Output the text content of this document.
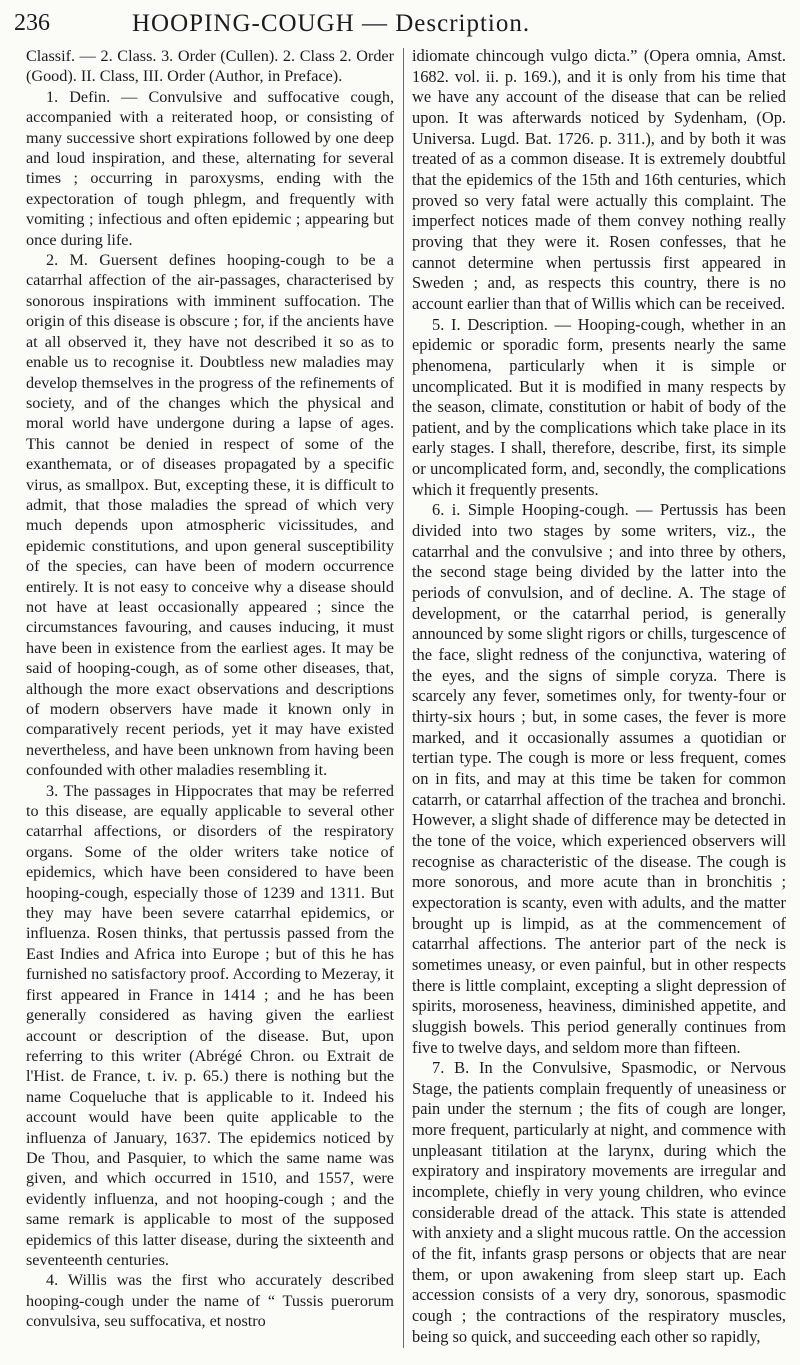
236	HOOPING-COUGH — Description.

Classif. — 2. Class. 3. Order (Cullen). 2. Class 2. Order (Good). II. Class, III. Order (Author, in Preface).

1. Defin. — Convulsive and suffocative cough, accompanied with a reiterated hoop, or consisting of many successive short expirations followed by one deep and loud inspiration, and these, alternating for several times ; occurring in paroxysms, ending with the expectoration of tough phlegm, and frequently with vomiting ; infectious and often epidemic ; appearing but once during life.

2. M. Guersent defines hooping-cough to be a catarrhal affection of the air-passages, characterised by sonorous inspirations with imminent suffocation. The origin of this disease is obscure ; for, if the ancients have at all observed it, they have not described it so as to enable us to recognise it. Doubtless new maladies may develop themselves in the progress of the refinements of society, and of the changes which the physical and moral world have undergone during a lapse of ages. This cannot be denied in respect of some of the exanthemata, or of diseases propagated by a specific virus, as smallpox. But, excepting these, it is difficult to admit, that those maladies the spread of which very much depends upon atmospheric vicissitudes, and epidemic constitutions, and upon general susceptibility of the species, can have been of modern occurrence entirely. It is not easy to conceive why a disease should not have at least occasionally appeared ; since the circumstances favouring, and causes inducing, it must have been in existence from the earliest ages. It may be said of hooping-cough, as of some other diseases, that, although the more exact observations and descriptions of modern observers have made it known only in comparatively recent periods, yet it may have existed nevertheless, and have been unknown from having been confounded with other maladies resembling it.

3. The passages in Hippocrates that may be referred to this disease, are equally applicable to several other catarrhal affections, or disorders of the respiratory organs. Some of the older writers take notice of epidemics, which have been considered to have been hooping-cough, especially those of 1239 and 1311. But they may have been severe catarrhal epidemics, or influenza. Rosen thinks, that pertussis passed from the East Indies and Africa into Europe ; but of this he has furnished no satisfactory proof. According to Mezeray, it first appeared in France in 1414 ; and he has been generally considered as having given the earliest account or description of the disease. But, upon referring to this writer (Abrégé Chron. ou Extrait de l'Hist. de France, t. iv. p. 65.) there is nothing but the name Coqueluche that is applicable to it. Indeed his account would have been quite applicable to the influenza of January, 1637. The epidemics noticed by De Thou, and Pasquier, to which the same name was given, and which occurred in 1510, and 1557, were evidently influenza, and not hooping-cough ; and the same remark is applicable to most of the supposed epidemics of this latter disease, during the sixteenth and seventeenth centuries.

4. Willis was the first who accurately described hooping-cough under the name of “ Tussis puerorum convulsiva, seu suffocativa, et nostro

idiomate chincough vulgo dicta.” (Opera omnia, Amst. 1682. vol. ii. p. 169.), and it is only from his time that we have any account of the disease that can be relied upon. It was afterwards noticed by Sydenham, (Op. Universa. Lugd. Bat. 1726. p. 311.), and by both it was treated of as a common disease. It is extremely doubtful that the epidemics of the 15th and 16th centuries, which proved so very fatal were actually this complaint. The imperfect notices made of them convey nothing really proving that they were it. Rosen confesses, that he cannot determine when pertussis first appeared in Sweden ; and, as respects this country, there is no account earlier than that of Willis which can be received.

5. I. Description. — Hooping-cough, whether in an epidemic or sporadic form, presents nearly the same phenomena, particularly when it is simple or uncomplicated. But it is modified in many respects by the season, climate, constitution or habit of body of the patient, and by the complications which take place in its early stages. I shall, therefore, describe, first, its simple or uncomplicated form, and, secondly, the complications which it frequently presents.

6. i. Simple Hooping-cough. — Pertussis has been divided into two stages by some writers, viz., the catarrhal and the convulsive ; and into three by others, the second stage being divided by the latter into the periods of convulsion, and of decline. A. The stage of development, or the catarrhal period, is generally announced by some slight rigors or chills, turgescence of the face, slight redness of the conjunctiva, watering of the eyes, and the signs of simple coryza. There is scarcely any fever, sometimes only, for twenty-four or thirty-six hours ; but, in some cases, the fever is more marked, and it occasionally assumes a quotidian or tertian type. The cough is more or less frequent, comes on in fits, and may at this time be taken for common catarrh, or catarrhal affection of the trachea and bronchi. However, a slight shade of difference may be detected in the tone of the voice, which experienced observers will recognise as characteristic of the disease. The cough is more sonorous, and more acute than in bronchitis ; expectoration is scanty, even with adults, and the matter brought up is limpid, as at the commencement of catarrhal affections. The anterior part of the neck is sometimes uneasy, or even painful, but in other respects there is little complaint, excepting a slight depression of spirits, moroseness, heaviness, diminished appetite, and sluggish bowels. This period generally continues from five to twelve days, and seldom more than fifteen.

7. B. In the Convulsive, Spasmodic, or Nervous Stage, the patients complain frequently of uneasiness or pain under the sternum ; the fits of cough are longer, more frequent, particularly at night, and commence with unpleasant titilation at the larynx, during which the expiratory and inspiratory movements are irregular and incomplete, chiefly in very young children, who evince considerable dread of the attack. This state is attended with anxiety and a slight mucous rattle. On the accession of the fit, infants grasp persons or objects that are near them, or upon awakening from sleep start up. Each accession consists of a very dry, sonorous, spasmodic cough ; the contractions of the respiratory muscles, being so quick, and succeeding each other so rapidly,
